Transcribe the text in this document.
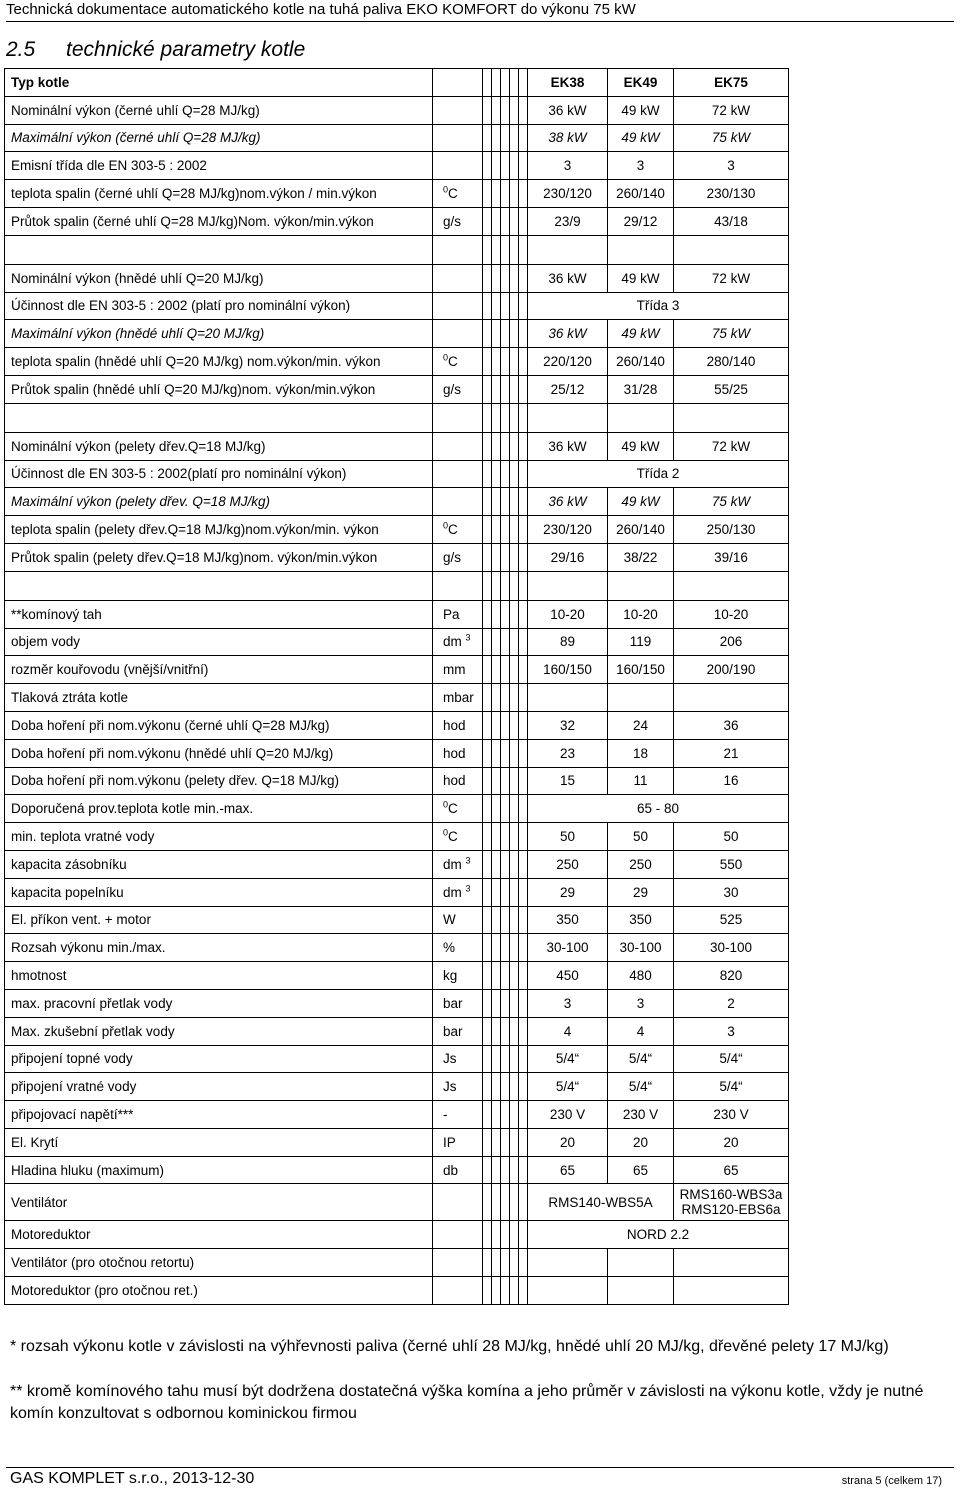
Technická dokumentace automatického kotle na tuhá paliva EKO KOMFORT do výkonu 75 kW
2.5 technické parametry kotle
Typ kotle							EK38	EK49	EK75
Nominální výkon (černé uhlí Q=28 MJ/kg)							36 kW	49 kW	72 kW
Maximální výkon (černé uhlí Q=28 MJ/kg)							38 kW	49 kW	75 kW
Emisní třída dle EN 303-5 : 2002							3	3	3
teplota spalin (černé uhlí Q=28 MJ/kg)nom.výkon / min.výkon	$^0$C						230/120	260/140	230/130
Průtok spalin (černé uhlí Q=28 MJ/kg)Nom. výkon/min.výkon	g/s						23/9	29/12	43/18

Nominální výkon (hnědé uhlí Q=20 MJ/kg)							36 kW	49 kW	72 kW
Účinnost dle EN 303-5 : 2002 (platí pro nominální výkon)							Třída 3		
Maximální výkon (hnědé uhlí Q=20 MJ/kg)							36 kW	49 kW	75 kW
teplota spalin (hnědé uhlí Q=20 MJ/kg) nom.výkon/min. výkon	$^0$C						220/120	260/140	280/140
Průtok spalin (hnědé uhlí Q=20 MJ/kg)nom. výkon/min.výkon	g/s						25/12	31/28	55/25

Nominální výkon (pelety dřev.Q=18 MJ/kg)							36 kW	49 kW	72 kW
Účinnost dle EN 303-5 : 2002(platí pro nominální výkon)							Třída 2		
Maximální výkon (pelety dřev. Q=18 MJ/kg)							36 kW	49 kW	75 kW
teplota spalin (pelety dřev.Q=18 MJ/kg)nom.výkon/min. výkon	$^0$C						230/120	260/140	250/130
Průtok spalin (pelety dřev.Q=18 MJ/kg)nom. výkon/min.výkon	g/s						29/16	38/22	39/16

**komínový tah	Pa						10-20	10-20	10-20
objem vody	dm $^3$						89	119	206
rozměr kouřovodu (vnější/vnitřní)	mm						160/150	160/150	200/190
Tlaková ztráta kotle	mbar								
Doba hoření při nom.výkonu (černé uhlí Q=28 MJ/kg)	hod						32	24	36
Doba hoření při nom.výkonu (hnědé uhlí Q=20 MJ/kg)	hod						23	18	21
Doba hoření při nom.výkonu (pelety dřev. Q=18 MJ/kg)	hod						15	11	16
Doporučená prov.teplota kotle min.-max.	$^0$C						65 - 80		
min. teplota vratné vody	$^0$C						50	50	50
kapacita zásobníku	dm $^3$						250	250	550
kapacita popelníku	dm $^3$						29	29	30
El. příkon vent. + motor	W						350	350	525
Rozsah výkonu min./max.	%						30-100	30-100	30-100
hmotnost	kg						450	480	820
max. pracovní přetlak vody	bar						3	3	2
Max. zkušební přetlak vody	bar						4	4	3
připojení topné vody	Js						5/4“	5/4“	5/4“
připojení vratné vody	Js						5/4“	5/4“	5/4“
připojovací napětí***	-						230 V	230 V	230 V
El. Krytí	IP						20	20	20
Hladina hluku (maximum)	db						65	65	65
Ventilátor							RMS140-WBS5A		RMS160-WBS3a
RMS120-EBS6a

Motoreduktor							NORD 2.2		
Ventilátor (pro otočnou retortu)									
Motoreduktor (pro otočnou ret.)									
* rozsah výkonu kotle v závislosti na výhřevnosti paliva (černé uhlí 28 MJ/kg, hnědé uhlí 20 MJ/kg, dřevěné pelety 17 MJ/kg)
** kromě komínového tahu musí být dodržena dostatečná výška komína a jeho průměr v závislosti na výkonu kotle, vždy je nutné komín konzultovat s odbornou kominickou firmou
GAS KOMPLET s.r.o., 2013-12-30	strana 5 (celkem 17)
